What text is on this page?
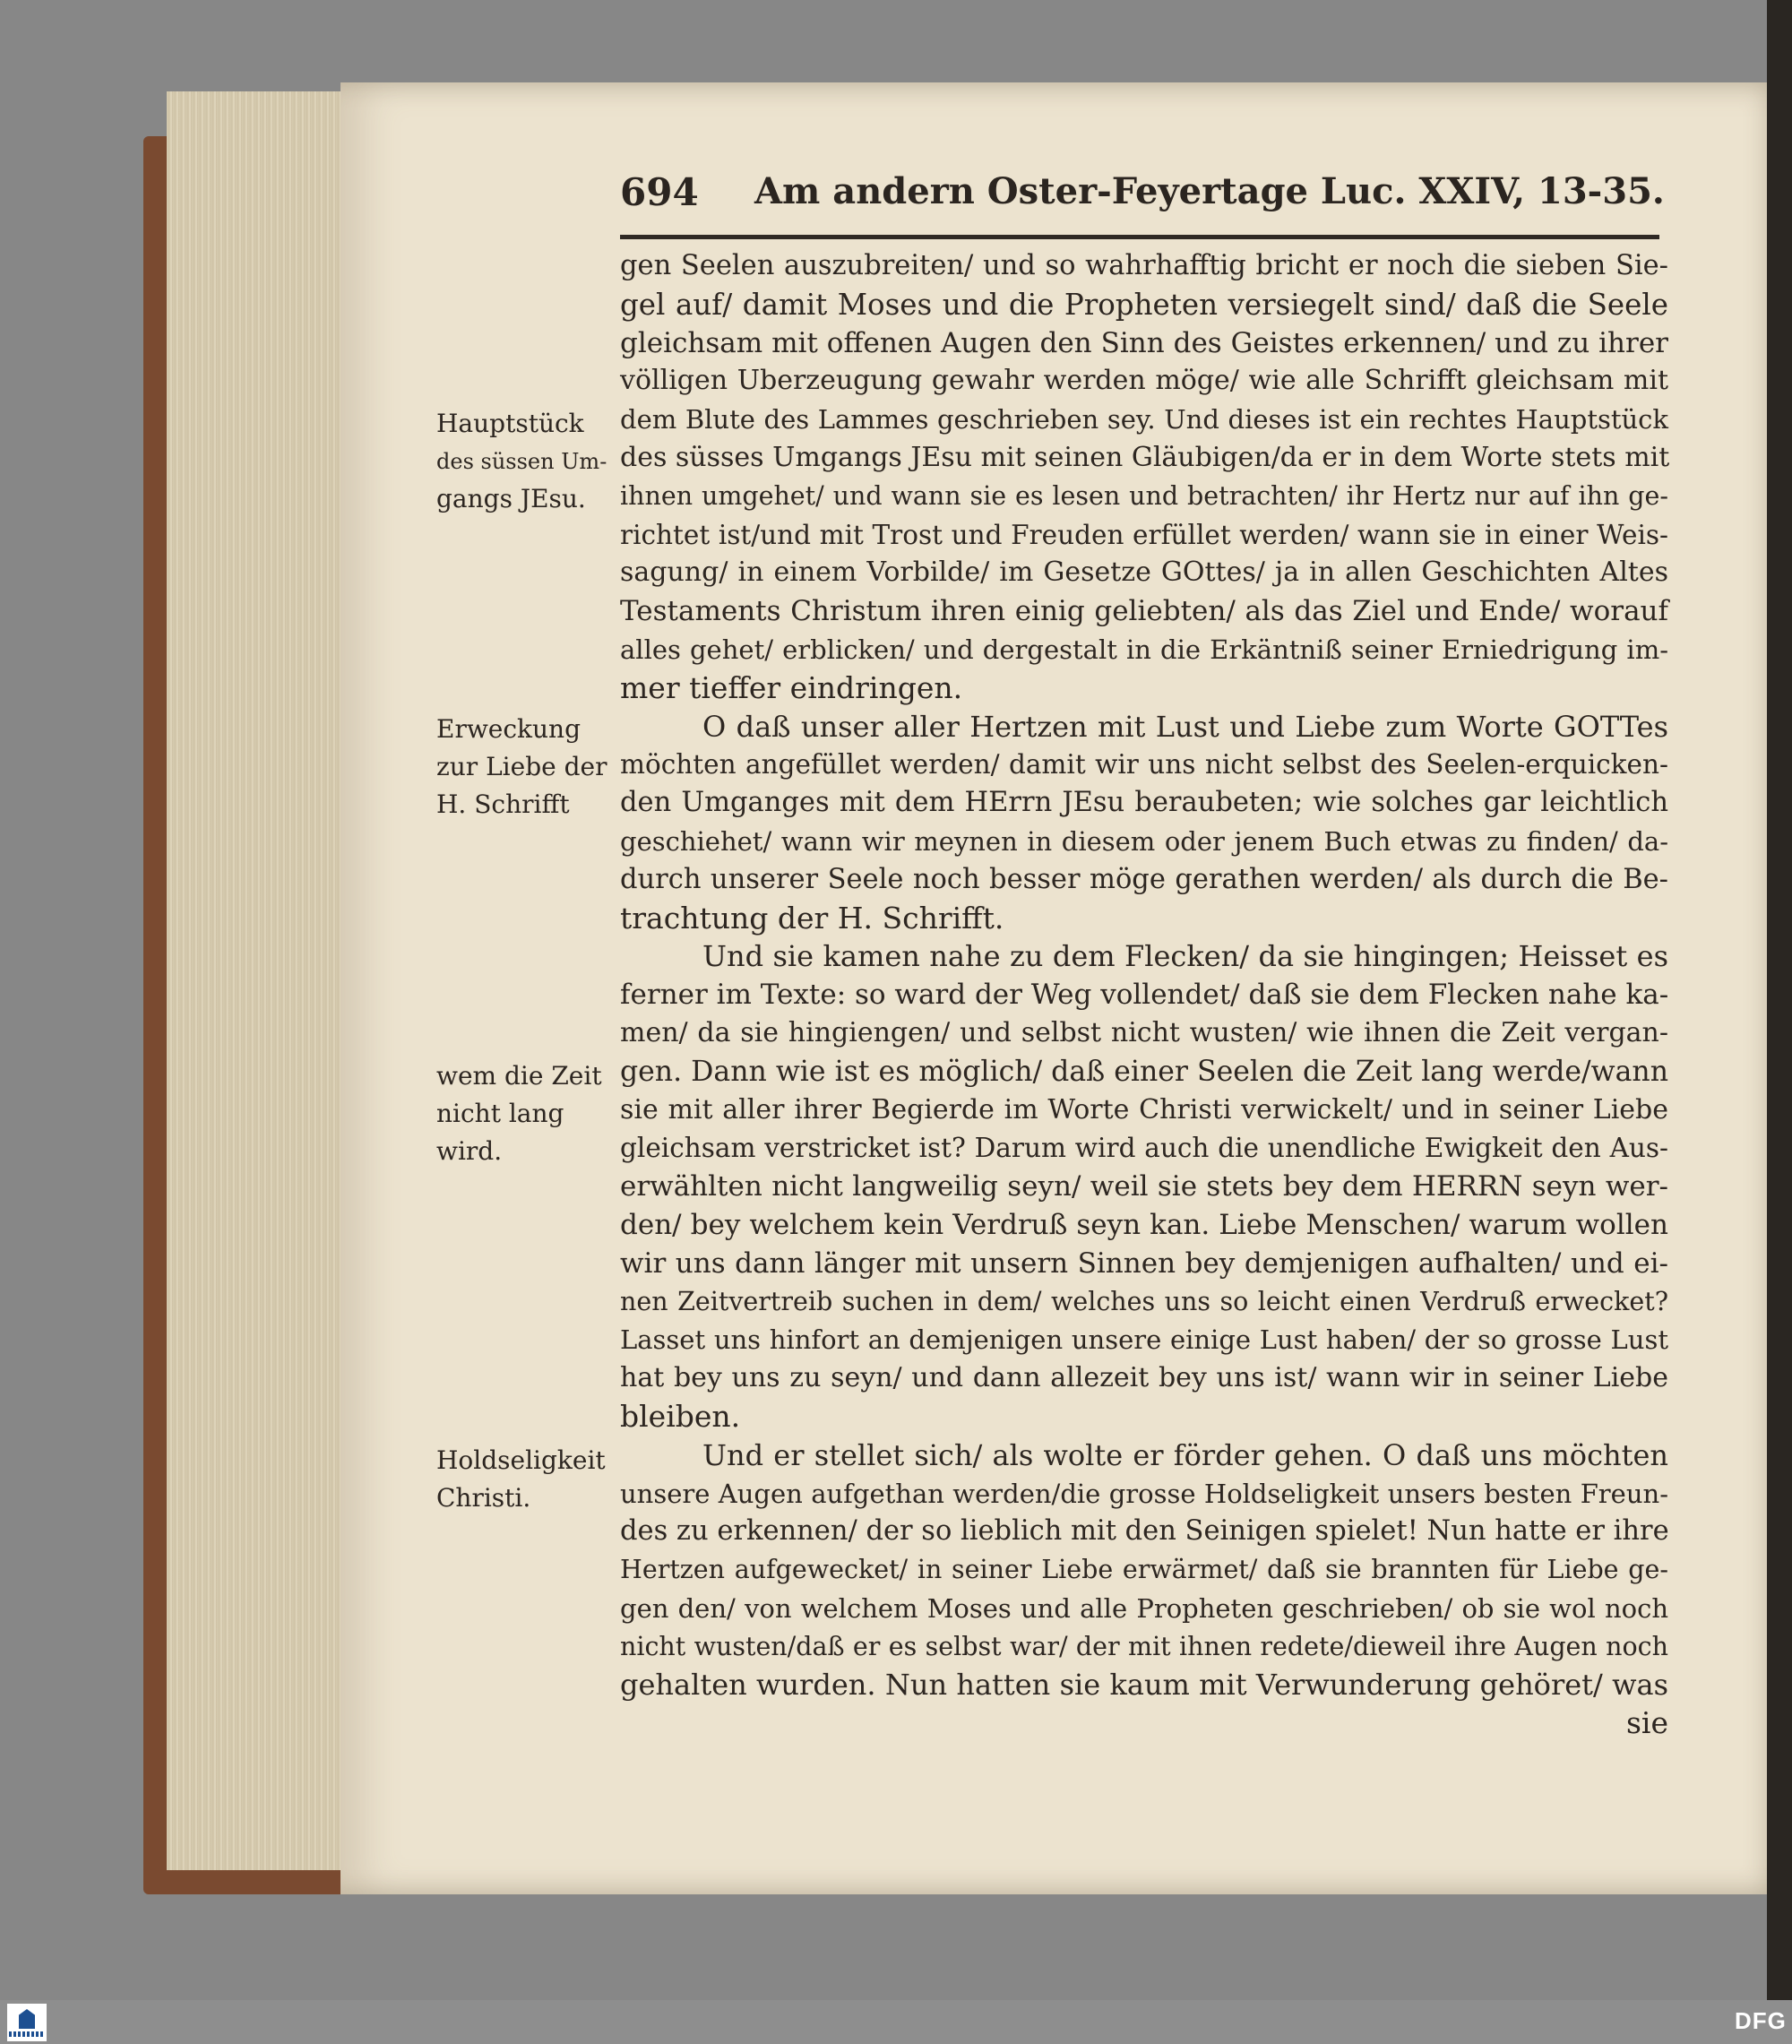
694 Am andern Oster-Feyertage Luc. XXIV, 13-35.
Hauptstück
des süssen Um-
gangs JEsu.
Erweckung
zur Liebe der
H. Schrifft
wem die Zeit
nicht lang
wird.
Holdseligkeit
Christi.
gen Seelen auszubreiten/ und so wahrhafftig bricht er noch die sieben Sie-
gel auf/ damit Moses und die Propheten versiegelt sind/ daß die Seele
gleichsam mit offenen Augen den Sinn des Geistes erkennen/ und zu ihrer
völligen Uberzeugung gewahr werden möge/ wie alle Schrifft gleichsam mit
dem Blute des Lammes geschrieben sey. Und dieses ist ein rechtes Hauptstück
des süsses Umgangs JEsu mit seinen Gläubigen/da er in dem Worte stets mit
ihnen umgehet/ und wann sie es lesen und betrachten/ ihr Hertz nur auf ihn ge-
richtet ist/und mit Trost und Freuden erfüllet werden/ wann sie in einer Weis-
sagung/ in einem Vorbilde/ im Gesetze GOttes/ ja in allen Geschichten Altes
Testaments Christum ihren einig geliebten/ als das Ziel und Ende/ worauf
alles gehet/ erblicken/ und dergestalt in die Erkäntniß seiner Erniedrigung im-
mer tieffer eindringen.
O daß unser aller Hertzen mit Lust und Liebe zum Worte GOTTes
möchten angefüllet werden/ damit wir uns nicht selbst des Seelen-erquicken-
den Umganges mit dem HErrn JEsu beraubeten; wie solches gar leichtlich
geschiehet/ wann wir meynen in diesem oder jenem Buch etwas zu finden/ da-
durch unserer Seele noch besser möge gerathen werden/ als durch die Be-
trachtung der H. Schrifft.
Und sie kamen nahe zu dem Flecken/ da sie hingingen; Heisset es
ferner im Texte: so ward der Weg vollendet/ daß sie dem Flecken nahe ka-
men/ da sie hingiengen/ und selbst nicht wusten/ wie ihnen die Zeit vergan-
gen. Dann wie ist es möglich/ daß einer Seelen die Zeit lang werde/wann
sie mit aller ihrer Begierde im Worte Christi verwickelt/ und in seiner Liebe
gleichsam verstricket ist? Darum wird auch die unendliche Ewigkeit den Aus-
erwählten nicht langweilig seyn/ weil sie stets bey dem HERRN seyn wer-
den/ bey welchem kein Verdruß seyn kan. Liebe Menschen/ warum wollen
wir uns dann länger mit unsern Sinnen bey demjenigen aufhalten/ und ei-
nen Zeitvertreib suchen in dem/ welches uns so leicht einen Verdruß erwecket?
Lasset uns hinfort an demjenigen unsere einige Lust haben/ der so grosse Lust
hat bey uns zu seyn/ und dann allezeit bey uns ist/ wann wir in seiner Liebe
bleiben.
Und er stellet sich/ als wolte er förder gehen. O daß uns möchten
unsere Augen aufgethan werden/die grosse Holdseligkeit unsers besten Freun-
des zu erkennen/ der so lieblich mit den Seinigen spielet! Nun hatte er ihre
Hertzen aufgewecket/ in seiner Liebe erwärmet/ daß sie brannten für Liebe ge-
gen den/ von welchem Moses und alle Propheten geschrieben/ ob sie wol noch
nicht wusten/daß er es selbst war/ der mit ihnen redete/dieweil ihre Augen noch
gehalten wurden. Nun hatten sie kaum mit Verwunderung gehöret/ was
sie
DFG
